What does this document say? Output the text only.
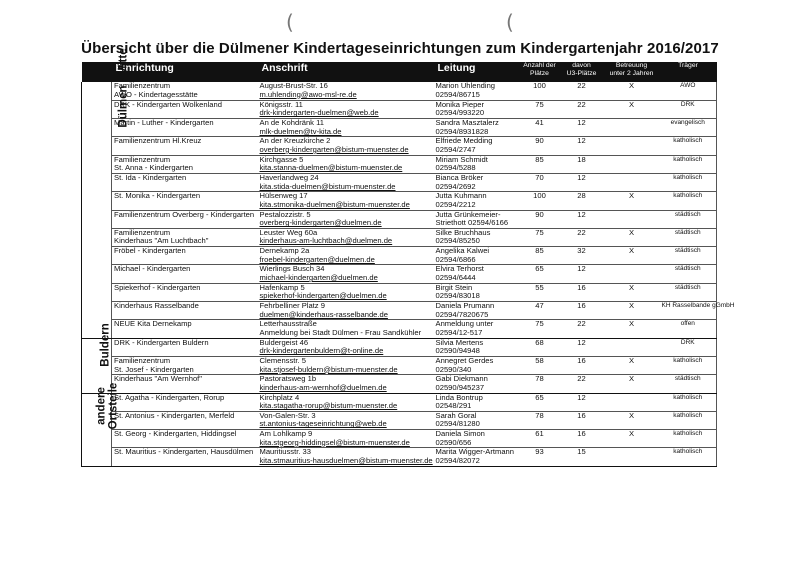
(	(
Übersicht über die Dülmener Kindertageseinrichtungen zum Kindergartenjahr 2016/2017
	Einrichtung	Anschrift	Leitung	Anzahl der
Plätze	davon
U3-Plätze	Betreuung
unter 2 Jahren	Träger
Dülmen - Mitte	Familienzentrum
AWO - Kindertagesstätte	August-Brust-Str. 16
m.uhlending@awo-msl-re.de	Marion Uhlending
02594/86715	100	22	X	AWO

	DRK - Kindergarten Wolkenland	Königsstr. 11
drk-kindergarten-duelmen@web.de	Monika Pieper
02594/993220	75	22	X	DRK

	Martin - Luther - Kindergarten	An de Kohdränk 11
mlk-duelmen@tv-kita.de	Sandra Masztalerz
02594/8931828	41	12		evangelisch

	Familienzentrum Hl.Kreuz	An der Kreuzkirche 2
overberg-kindergarten@bistum-muenster.de	Elfriede Medding
02594/2747	90	12		katholisch

	Familienzentrum
St. Anna - Kindergarten	Kirchgasse 5
kita.stanna-duelmen@bistum-muenster.de	Miriam Schmidt
02594/5288	85	18		katholisch

	St. Ida - Kindergarten	Haverlandweg 24
kita.stida-duelmen@bistum-muenster.de	Bianca Bröker
02594/2692	70	12		katholisch

	St. Monika - Kindergarten	Hülsenweg 17
kita.stmonika-duelmen@bistum-muenster.de	Jutta Kuhmann
02594/2212	100	28	X	katholisch

	Familienzentrum Overberg - Kindergarten	Pestalozzistr. 5
overberg-kindergarten@duelmen.de	Jutta Grünkemeier-
Striethott 02594/6166	90	12		städtisch

	Familienzentrum
Kinderhaus "Am Luchtbach"	Leuster Weg 60a
kinderhaus-am-luchtbach@duelmen.de	Silke Bruchhaus
02594/85250	75	22	X	städtisch

	Fröbel - Kindergarten	Dernekamp 2a
froebel-kindergarten@duelmen.de	Angelika Kalwei
02594/6866	85	32	X	städtisch

	Michael - Kindergarten	Wierlings Busch 34
michael-kindergarten@duelmen.de	Elvira Terhorst
02594/6444	65	12		städtisch

	Spiekerhof - Kindergarten	Hafenkamp 5
spiekerhof-kindergarten@duelmen.de	Birgit Stein
02594/83018	55	16	X	städtisch

	Kinderhaus Rasselbande	Fehrbelliner Platz 9
duelmen@kinderhaus-rasselbande.de	Daniela Prumann
02594/7820675	47	16	X	KH Rasselbande gGmbH

	NEUE Kita Dernekamp	Letterhausstraße
Anmeldung bei Stadt Dülmen - Frau Sandkühler	Anmeldung unter
02594/12-517	75	22	X	offen
Buldern	DRK - Kindergarten Buldern	Buldergeist 46
drk-kindergartenbuldern@t-online.de	Silvia Mertens
02590/94948	68	12		DRK

	Familienzentrum
St. Josef - Kindergarten	Clemensstr. 5
kita.stjosef-buldern@bistum-muenster.de	Annegret Gerdes
02590/340	58	16	X	katholisch

	Kinderhaus "Am Wernhof"	Pastoratsweg 1b
kinderhaus-am-wernhof@duelmen.de	Gabi Diekmann
02590/945237	78	22	X	städtisch

andere Ortsteile	St. Agatha - Kindergarten, Rorup	Kirchplatz 4
kita.stagatha-rorup@bistum-muenster.de	Linda Bontrup
02548/291	65	12		katholisch

	St. Antonius - Kindergarten, Merfeld	Von-Galen-Str. 3
st.antonius-tageseinrichtung@web.de	Sarah Goral
02594/81280	78	16	X	katholisch

	St. Georg - Kindergarten, Hiddingsel	Am Lohlkamp 9
kita.stgeorg-hiddingsel@bistum-muenster.de	Daniela Simon
02590/656	61	16	X	katholisch

	St. Mauritius - Kindergarten, Hausdülmen	Mauritiusstr. 33
kita.stmauritius-hausduelmen@bistum-muenster.de	Marita Wigger-Artmann
02594/82072	93	15		katholisch
